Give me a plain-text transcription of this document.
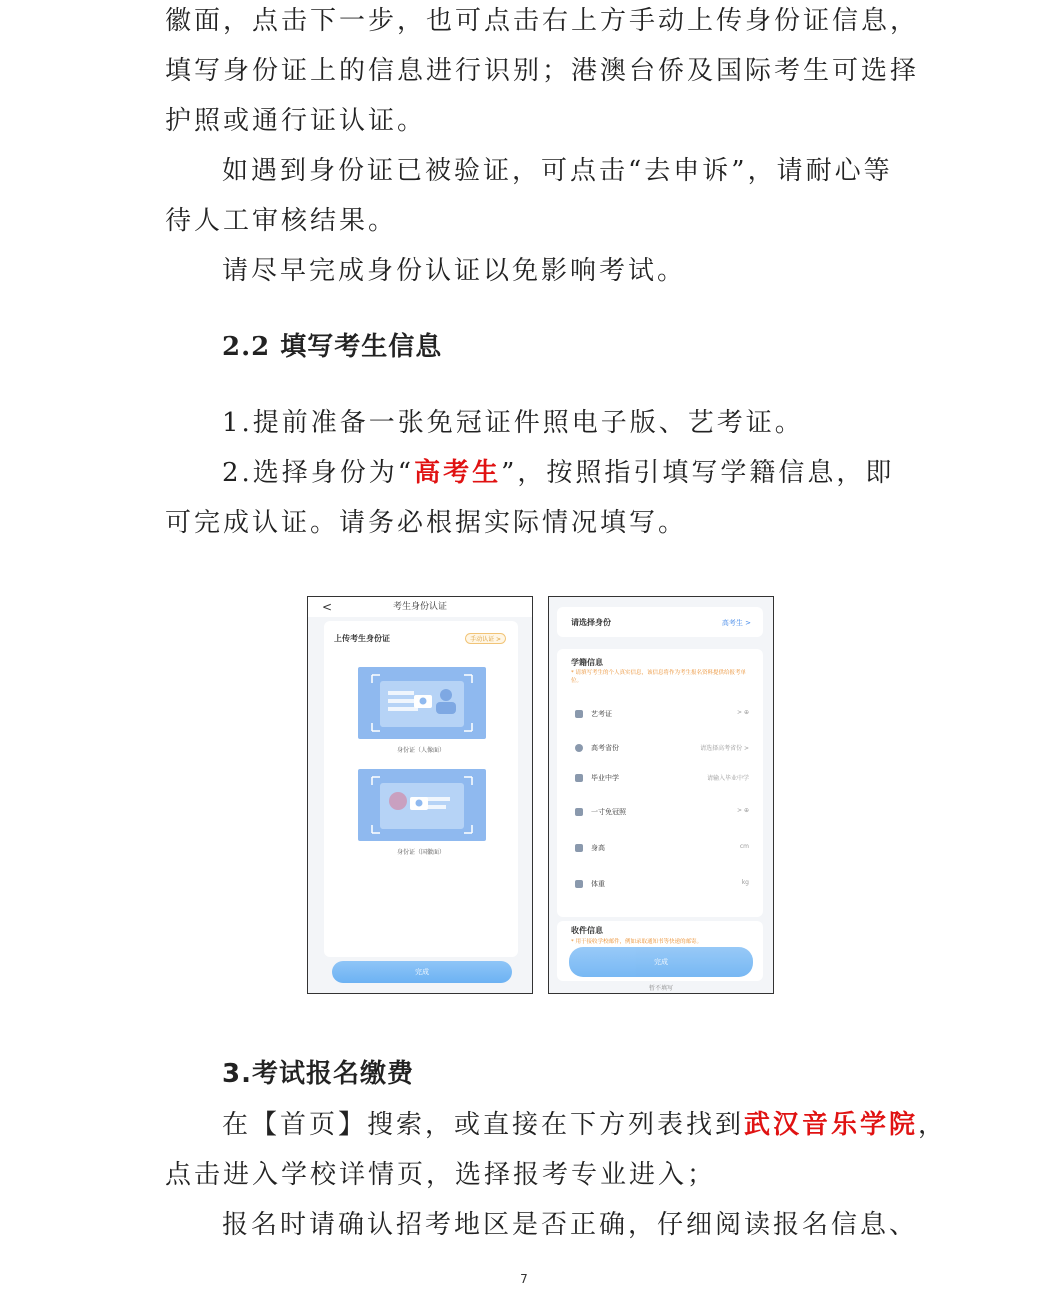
徽面，点击下一步，也可点击右上方手动上传身份证信息，

填写身份证上的信息进行识别；港澳台侨及国际考生可选择

护照或通行证认证。

如遇到身份证已被验证，可点击“去申诉”，请耐心等

待人工审核结果。

请尽早完成身份认证以免影响考试。

2.2 填写考生信息

1.提前准备一张免冠证件照电子版、艺考证。

2.选择身份为“高考生”，按照指引填写学籍信息，即

可完成认证。请务必根据实际情况填写。

<	考生身份认证
上传考生身份证	手动认证 >
身份证（人像面）
身份证（国徽面）
完成
请选择身份	高考生 >
学籍信息
* 请填写考生的个人真实信息，该信息将作为考生报名资料提供给报考单位。
艺考证	> ⊕
高考省份	请选择高考省份 >
毕业中学	请输入毕业中学
一寸免冠照	> ⊕
身高	cm
体重	kg
收件信息
* 用于接收学校邮件，例如录取通知书等快递的邮寄。
完成
暂不填写

3.考试报名缴费

在【首页】搜索，或直接在下方列表找到武汉音乐学院，

点击进入学校详情页，选择报考专业进入；

报名时请确认招考地区是否正确，仔细阅读报名信息、

7
